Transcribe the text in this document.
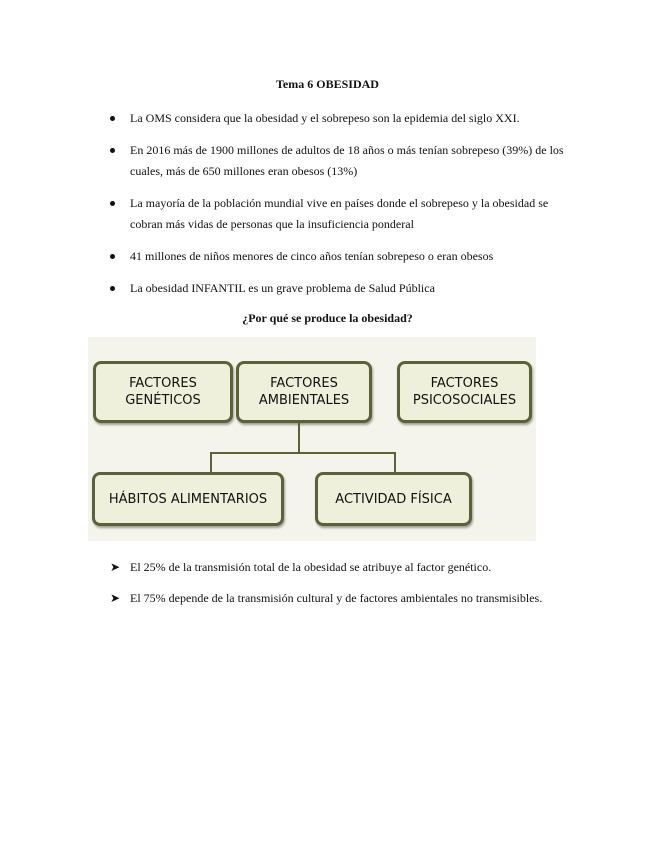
Tema 6 OBESIDAD
La OMS considera que la obesidad y el sobrepeso son la epidemia del siglo XXI.
En 2016 más de 1900 millones de adultos de 18 años o más tenían sobrepeso (39%) de los cuales, más de 650 millones eran obesos (13%)
La mayoría de la población mundial vive en países donde el sobrepeso y la obesidad se cobran más vidas de personas que la insuficiencia ponderal
41 millones de niños menores de cinco años tenían sobrepeso o eran obesos
La obesidad INFANTIL es un grave problema de Salud Pública
¿Por qué se produce la obesidad?
FACTORES
GENÉTICOS
FACTORES
AMBIENTALES
FACTORES
PSICOSOCIALES
HÁBITOS ALIMENTARIOS	ACTIVIDAD FÍSICA
➤ El 25% de la transmisión total de la obesidad se atribuye al factor genético.
➤ El 75% depende de la transmisión cultural y de factores ambientales no transmisibles.
